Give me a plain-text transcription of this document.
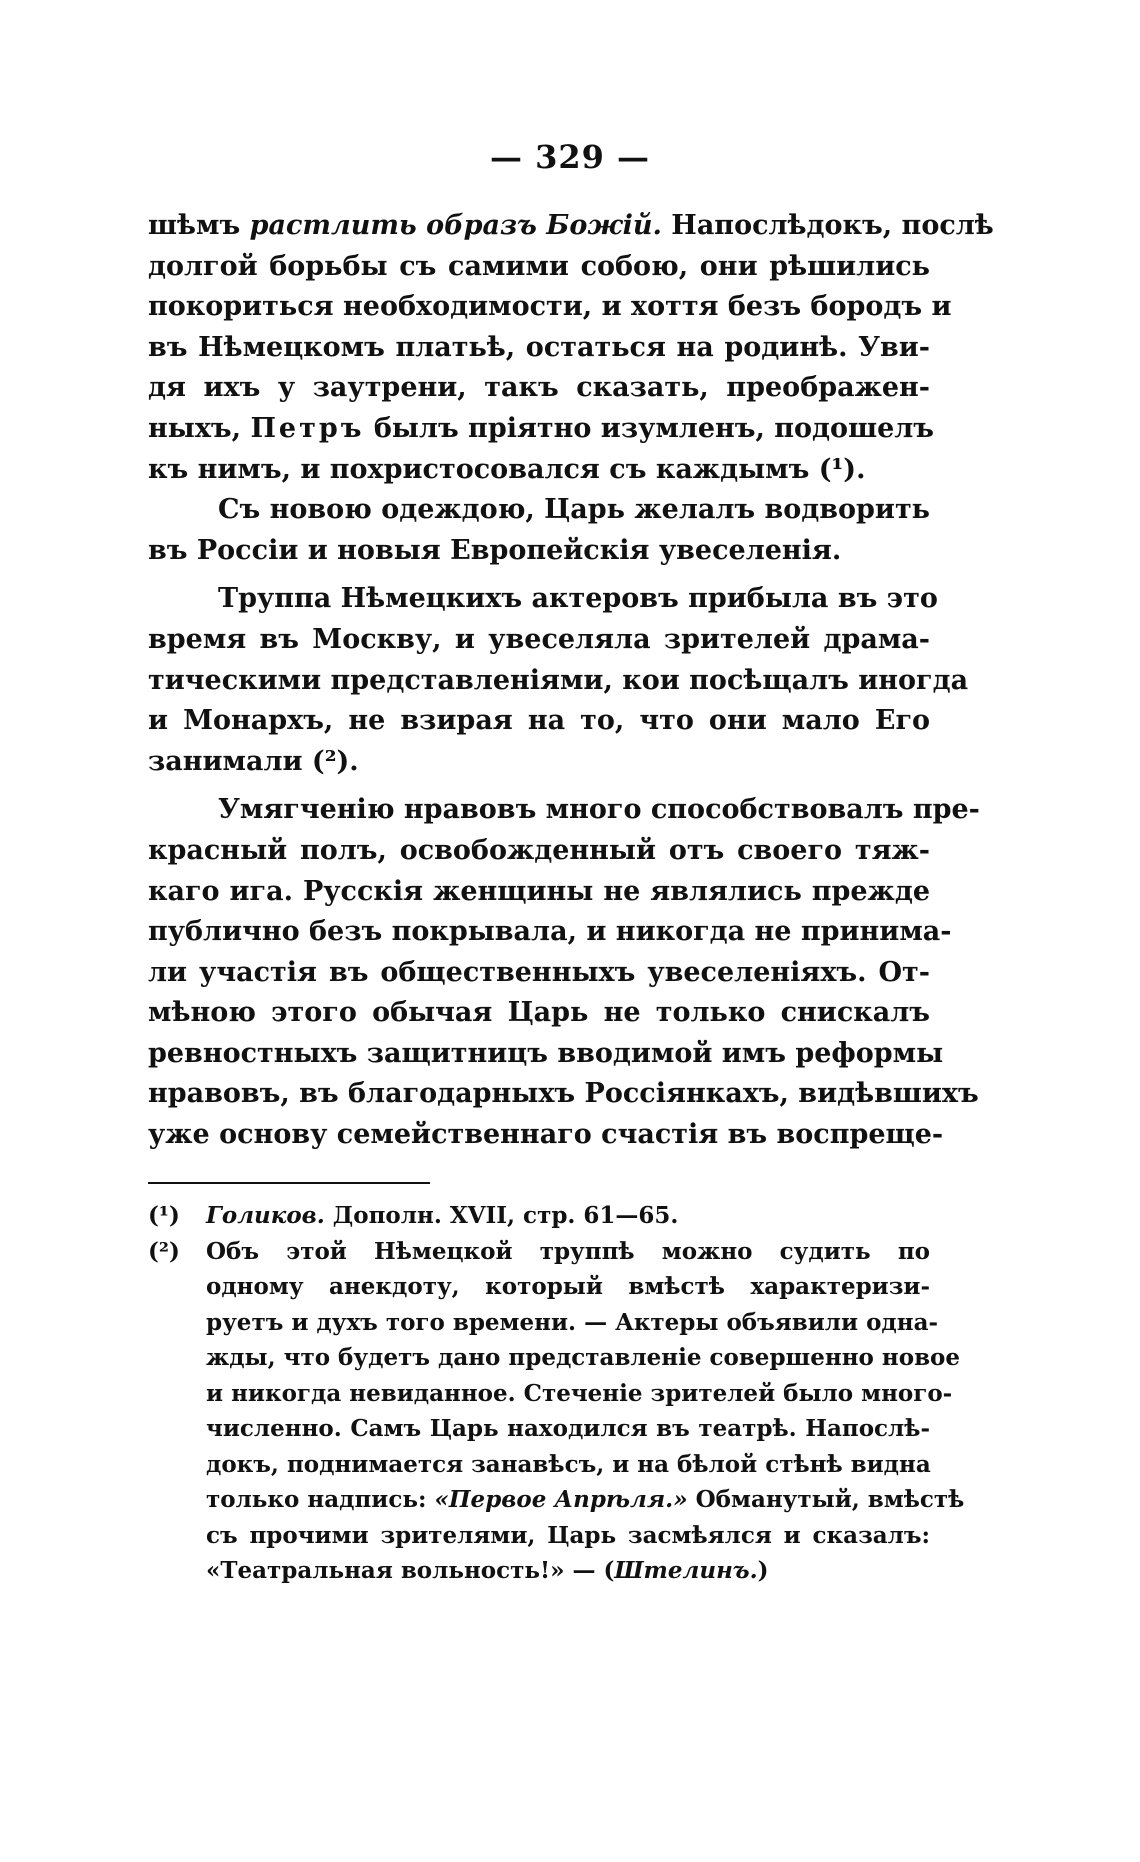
— 329 —
шѣмъ растлить образъ Божій. Напослѣдокъ, послѣ
долгой борьбы съ самими собою, они рѣшились
покориться необходимости, и хоття безъ бородъ и
въ Нѣмецкомъ платьѣ, остаться на родинѣ. Уви-
дя ихъ у заутрени, такъ сказать, преображен-
ныхъ, Петръ былъ пріятно изумленъ, подошелъ
къ нимъ, и похристосовался съ каждымъ (¹).
Съ новою одеждою, Царь желалъ водворить
въ Россіи и новыя Европейскія увеселенія.
Труппа Нѣмецкихъ актеровъ прибыла въ это
время въ Москву, и увеселяла зрителей драма-
тическими представленіями, кои посѣщалъ иногда
и Монархъ, не взирая на то, что они мало Его
занимали (²).
Умягченію нравовъ много способствовалъ пре-
красный полъ, освобожденный отъ своего тяж-
каго ига. Русскія женщины не являлись прежде
публично безъ покрывала, и никогда не принима-
ли участія въ общественныхъ увеселеніяхъ. От-
мѣною этого обычая Царь не только снискалъ
ревностныхъ защитницъ вводимой имъ реформы
нравовъ, въ благодарныхъ Россіянкахъ, видѣвшихъ
уже основу семейственнаго счастія въ воспреще-
(¹) Голиков. Дополн. XVII, стр. 61—65.
(²) Объ этой Нѣмецкой труппѣ можно судить по
одному анекдоту, который вмѣстѣ характеризи-
руетъ и духъ того времени. — Актеры объявили одна-
жды, что будетъ дано представленіе совершенно новое
и никогда невиданное. Стеченіе зрителей было много-
численно. Самъ Царь находился въ театрѣ. Напослѣ-
докъ, поднимается занавѣсъ, и на бѣлой стѣнѣ видна
только надпись: «Первое Апрѣля.» Обманутый, вмѣстѣ
съ прочими зрителями, Царь засмѣялся и сказалъ:
«Театральная вольность!» — (Штелинъ.)
